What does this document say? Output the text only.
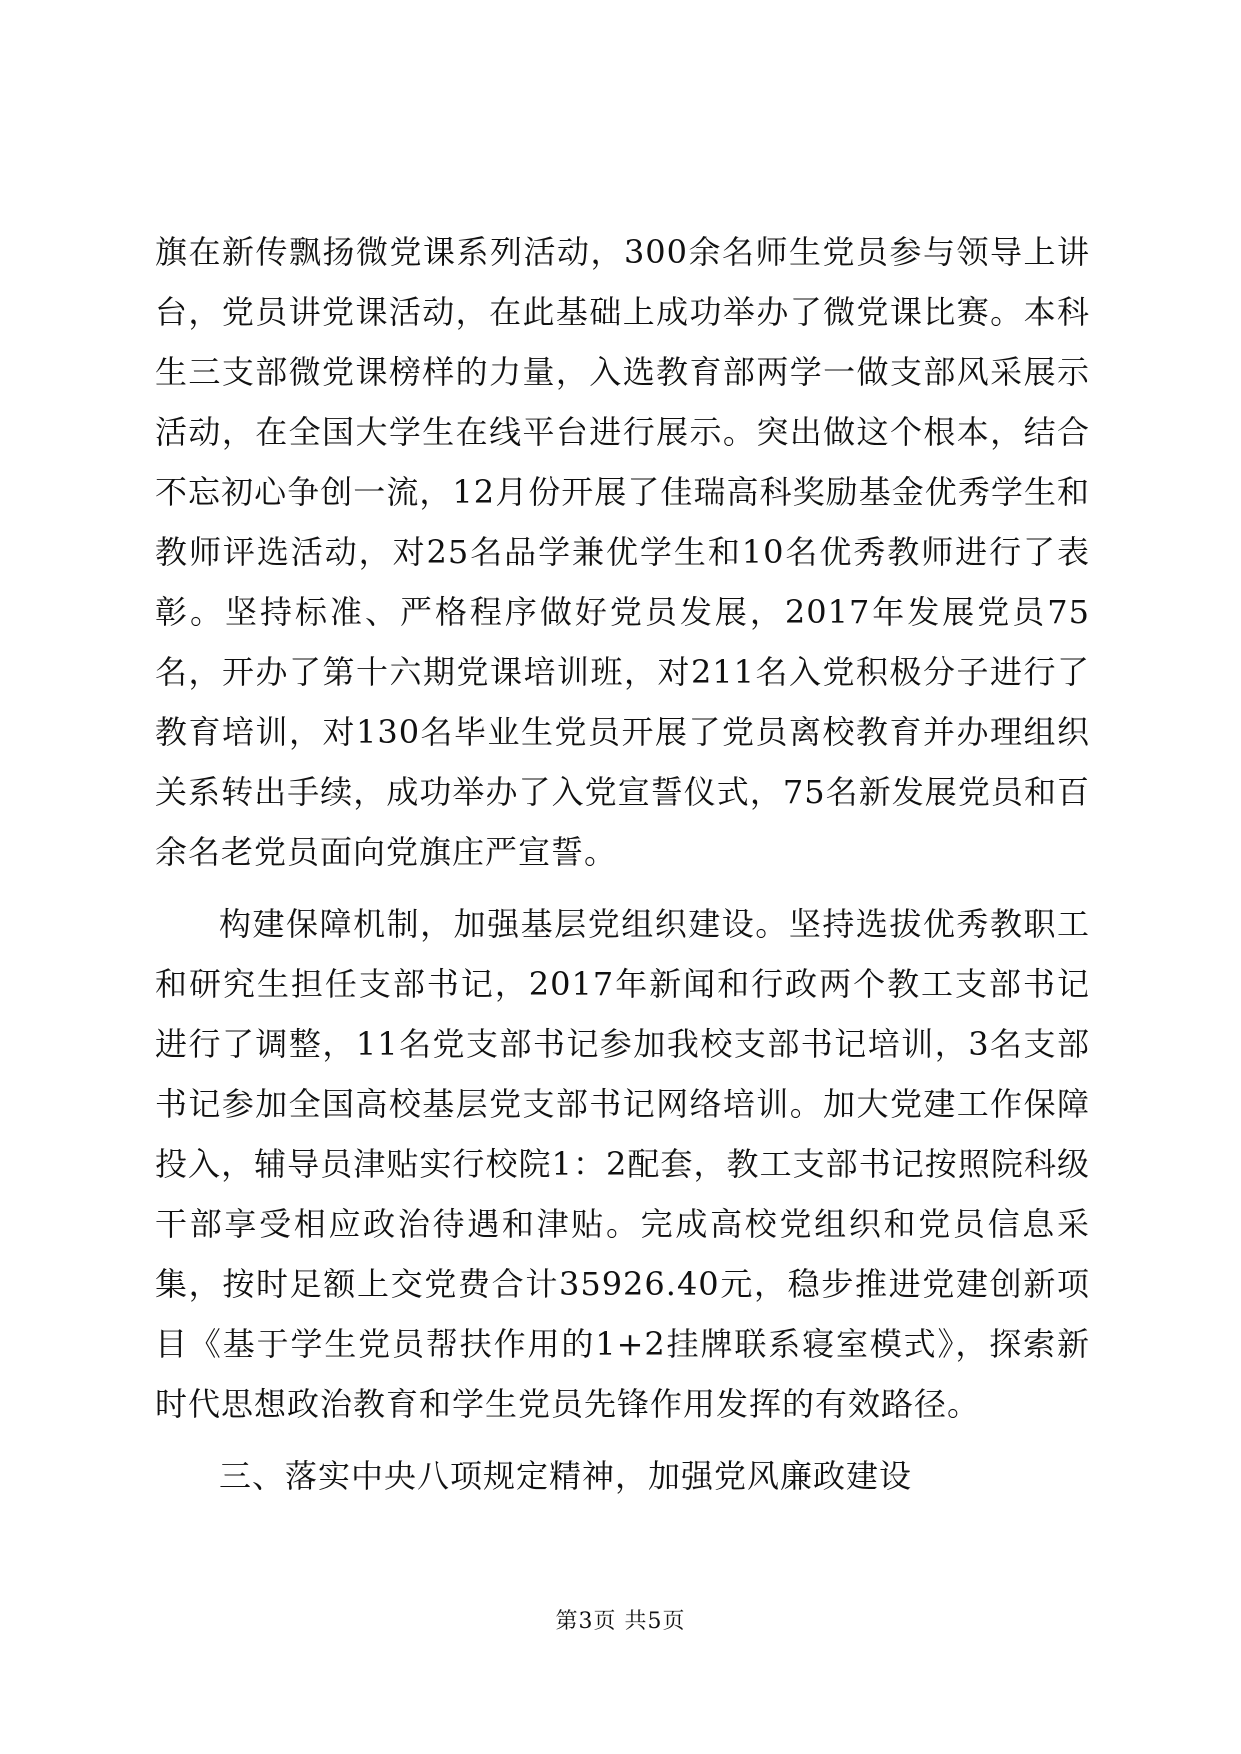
旗在新传飘扬微党课系列活动，300余名师生党员参与领导上讲台，党员讲党课活动，在此基础上成功举办了微党课比赛。本科生三支部微党课榜样的力量，入选教育部两学一做支部风采展示活动，在全国大学生在线平台进行展示。突出做这个根本，结合不忘初心争创一流，12月份开展了佳瑞高科奖励基金优秀学生和教师评选活动，对25名品学兼优学生和10名优秀教师进行了表彰。坚持标准、严格程序做好党员发展，2017年发展党员75名，开办了第十六期党课培训班，对211名入党积极分子进行了教育培训，对130名毕业生党员开展了党员离校教育并办理组织关系转出手续，成功举办了入党宣誓仪式，75名新发展党员和百余名老党员面向党旗庄严宣誓。

构建保障机制，加强基层党组织建设。坚持选拔优秀教职工和研究生担任支部书记，2017年新闻和行政两个教工支部书记进行了调整，11名党支部书记参加我校支部书记培训，3名支部书记参加全国高校基层党支部书记网络培训。加大党建工作保障投入，辅导员津贴实行校院1：2配套，教工支部书记按照院科级干部享受相应政治待遇和津贴。完成高校党组织和党员信息采集，按时足额上交党费合计35926.40元，稳步推进党建创新项目《基于学生党员帮扶作用的1+2挂牌联系寝室模式》，探索新时代思想政治教育和学生党员先锋作用发挥的有效路径。

三、落实中央八项规定精神，加强党风廉政建设

第3页 共5页
